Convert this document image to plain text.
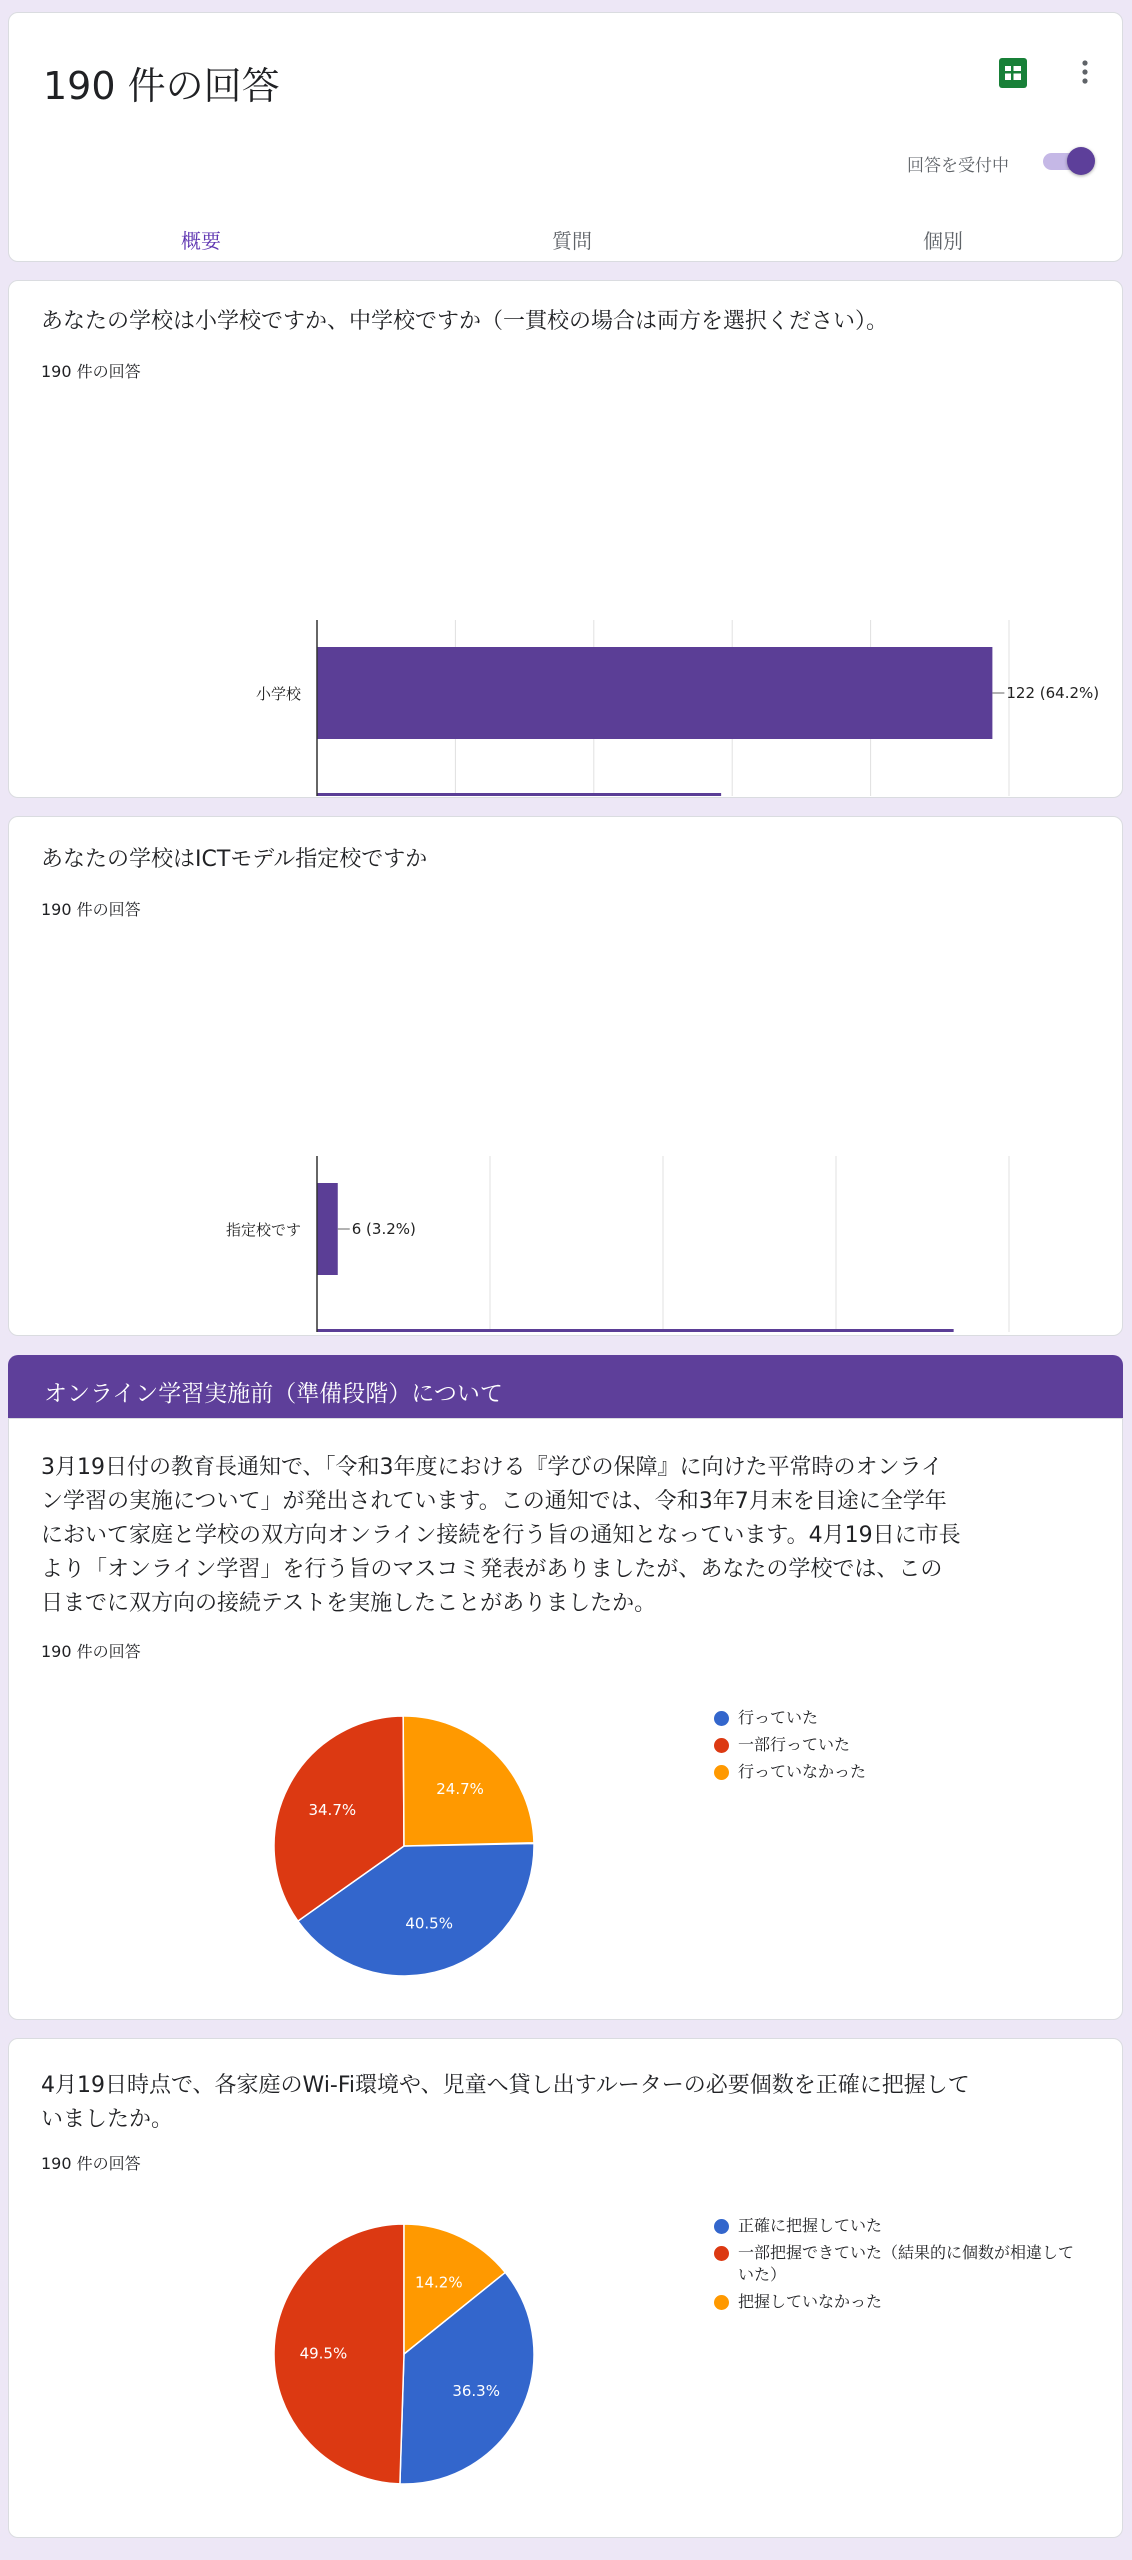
190 件の回答
回答を受付中
概要	質問	個別
あなたの学校は小学校ですか、中学校ですか（一貫校の場合は両方を選択ください）。
190 件の回答
小学校	122 (64.2%)
あなたの学校はICTモデル指定校ですか
190 件の回答
指定校です	6 (3.2%)
オンライン学習実施前（準備段階）について
3月19日付の教育長通知で、「令和3年度における『学びの保障』に向けた平常時のオンライ
ン学習の実施について」が発出されています。この通知では、令和3年7月末を目途に全学年
において家庭と学校の双方向オンライン接続を行う旨の通知となっています。4月19日に市長
より「オンライン学習」を行う旨のマスコミ発表がありましたが、あなたの学校では、この
日までに双方向の接続テストを実施したことがありましたか。
190 件の回答
40.5%
34.7%
24.7%
行っていた
一部行っていた
行っていなかった
4月19日時点で、各家庭のWi-Fi環境や、児童へ貸し出すルーターの必要個数を正確に把握して
いましたか。
190 件の回答
36.3%
49.5%
14.2%
正確に把握していた
一部把握できていた（結果的に個数が相違していた）
把握していなかった
